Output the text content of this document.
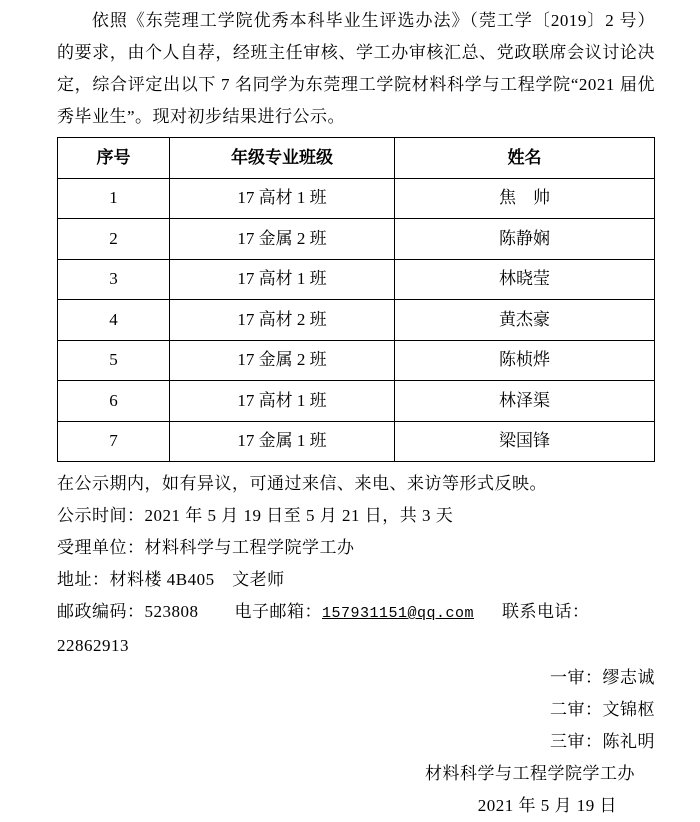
依照《东莞理工学院优秀本科毕业生评选办法》（莞工学〔2019〕2 号）的要求，由个人自荐，经班主任审核、学工办审核汇总、党政联席会议讨论决定，综合评定出以下 7 名同学为东莞理工学院材料科学与工程学院“2021 届优秀毕业生”。现对初步结果进行公示。

序号	年级专业班级	姓名
1	17 高材 1 班	焦　帅
2	17 金属 2 班	陈静娴
3	17 高材 1 班	林晓莹
4	17 高材 2 班	黄杰豪
5	17 金属 2 班	陈桢烨
6	17 高材 1 班	林泽渠
7	17 金属 1 班	梁国锋

在公示期内，如有异议，可通过来信、来电、来访等形式反映。

公示时间：2021 年 5 月 19 日至 5 月 21 日，共 3 天

受理单位：材料科学与工程学院学工办

地址：材料楼 4B405　文老师

邮政编码：523808 电子邮箱：157931151@qq.com 联系电话：22862913

一审：缪志诚

二审：文锦枢

三审：陈礼明

材料科学与工程学院学工办

2021 年 5 月 19 日
